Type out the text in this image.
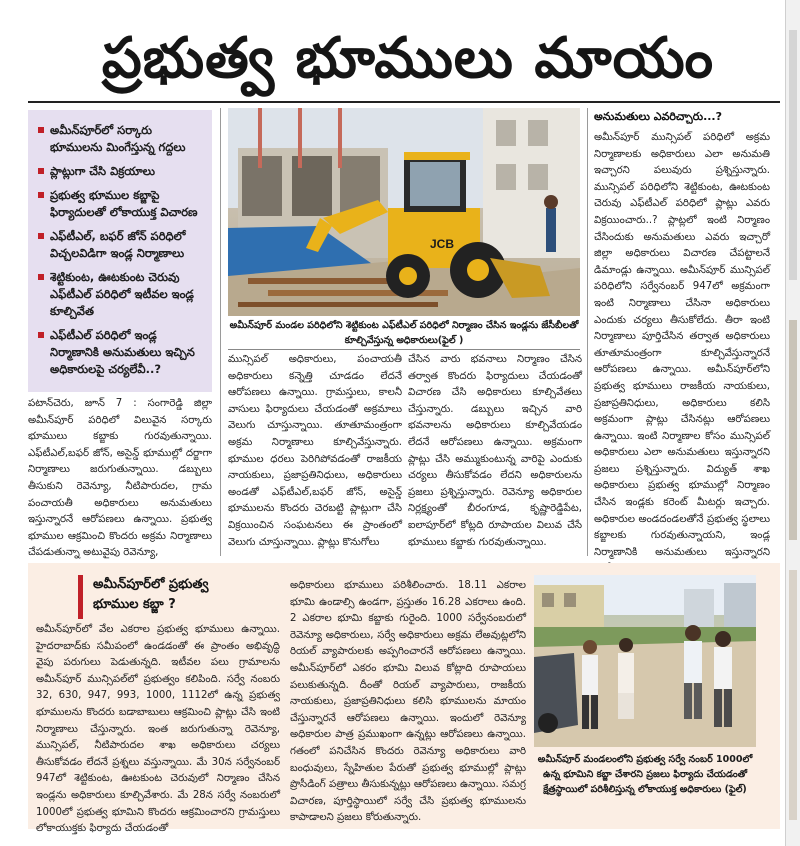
ప్రభుత్వ భూములు మాయం
అమీన్‌పూర్‌లో సర్కారు భూములను మింగేస్తున్న గద్దలు
ప్లాట్లుగా చేసి విక్రయాలు
ప్రభుత్వ భూముల కబ్జాపై ఫిర్యాదులతో లోకాయుక్త విచారణ
ఎఫ్‌టీఎల్‌, బఫర్‌ జోన్‌ పరిధిలో విచ్చలవిడిగా ఇండ్ల నిర్మాణాలు
శెట్టికుంట, ఊటకుంట చెరువు ఎఫ్‌టీఎల్‌ పరిధిలో ఇటీవల ఇండ్ల కూల్చివేత
ఎఫ్‌టీఎల్‌ పరిధిలో ఇండ్ల నిర్మాణానికి అనుమతులు ఇచ్చిన అధికారులపై చర్యలేవీ..?
JCB
అమీన్‌పూర్‌ మండల పరిధిలోని శెట్టికుంట ఎఫ్‌టీఎల్‌ పరిధిలో నిర్మాణం చేసిన ఇండ్లను జేసీబీలతో కూల్చివేస్తున్న అధికారులు(ఫైల్‌ )
పటాన్‌చెరు, జూన్‌ 7 : సంగారెడ్డి జిల్లా అమీన్‌పూర్‌ పరిధిలో విలువైన సర్కారు భూములు కబ్జాకు గురవుతున్నాయి. ఎఫ్‌టీఎల్‌,బఫర్‌ జోన్‌, అసైన్డ్‌ భూముల్లో దర్జాగా నిర్మాణాలు జరుగుతున్నాయి. డబ్బులు తీసుకుని రెవెన్యూ, నీటిపారుదల, గ్రామ పంచాయతీ అధికారులు అనుమతులు ఇస్తున్నారనే ఆరోపణలు ఉన్నాయి. ప్రభుత్వ భూముల ఆక్రమించి కొందరు అక్రమ నిర్మాణాలు చేపడుతున్నా అటువైపు రెవెన్యూ,
మున్సిపల్‌ అధికారులు, పంచాయతీ అధికారులు కన్నెత్తి చూడడం లేదనే ఆరోపణలు ఉన్నాయి. గ్రామస్తులు, కాలనీ వాసులు ఫిర్యాదులు చేయడంతో అక్రమాలు వెలుగు చూస్తున్నాయి. తూతూమంత్రంగా అక్రమ నిర్మాణాలు కూల్చివేస్తున్నారు. భూముల ధరలు పెరిగిపోవడంతో రాజకీయ నాయకులు, ప్రజాప్రతినిధులు, అధికారులు అండతో ఎఫ్‌టీఎల్‌,బఫర్‌ జోన్‌, అసైన్డ్‌ భూములను కొందరు చెరబట్టి ప్లాట్లుగా చేసి విక్రయించిన సంఘటనలు ఈ ప్రాంతంలో వెలుగు చూస్తున్నాయి. ప్లాట్లు కొనుగోలు
చేసిన వారు భవనాలు నిర్మాణం చేసిన తర్వాత కొందరు ఫిర్యాదులు చేయడంతో విచారణ చేసి అధికారులు కూల్చివేతలు చేస్తున్నారు. డబ్బులు ఇచ్చిన వారి భవనాలను అధికారులు కూల్చివేయడం లేదనే ఆరోపణలు ఉన్నాయి. అక్రమంగా ప్లాట్లు చేసి అమ్ముకుంటున్న వారిపై ఎందుకు చర్యలు తీసుకోవడం లేదని అధికారులను ప్రజలు ప్రశ్నిస్తున్నారు. రెవెన్యూ అధికారుల నిర్లక్ష్యంతో బీరంగూడ, కృష్ణారెడ్డిపేట, ఐలాపూర్‌లో కోట్లది రూపాయల విలువ చేసే భూములు కబ్జాకు గురవుతున్నాయి.
అనుమతులు ఎవరిచ్చారు...?
అమీన్‌పూర్‌ మున్సిపల్‌ పరిధిలో అక్రమ నిర్మాణాలకు అధికారులు ఎలా అనుమతి ఇచ్చారని పలువురు ప్రశ్నిస్తున్నారు. మున్సిపల్‌ పరిధిలోని శెట్టికుంట, ఊటకుంట చెరువు ఎఫ్‌టీఎల్‌ పరిధిలో ప్లాట్లు ఎవరు విక్రయించారు..? ప్లాట్లలో ఇంటి నిర్మాణం చేసిందుకు అనుమతులు ఎవరు ఇచ్చారో జిల్లా అధికారులు విచారణ చేపట్టాలనే డిమాండ్లు ఉన్నాయి. అమీన్‌పూర్‌ మున్సిపల్‌ పరిధిలోని సర్వేనంబర్‌ 947లో అక్రమంగా ఇంటి నిర్మాణాలు చేసినా అధికారులు ఎందుకు చర్యలు తీసుకోలేదు. తీరా ఇంటి నిర్మాణాలు పూర్తిచేసిన తర్వాత అధికారులు తూతూమంత్రంగా కూల్చివేస్తున్నారనే ఆరోపణలు ఉన్నాయి. అమీన్‌పూర్‌లోని ప్రభుత్వ భూములు రాజకీయ నాయకులు, ప్రజాప్రతినిధులు, అధికారులు కలిసి అక్రమంగా ప్లాట్లు చేసినట్లు ఆరోపణలు ఉన్నాయి. ఇంటి నిర్మాణాల కోసం మున్సిపల్‌ అధికారులు ఎలా అనుమతులు ఇస్తున్నారని ప్రజలు ప్రశ్నిస్తున్నారు. విద్యుత్‌ శాఖ అధికారులు ప్రభుత్వ భూముల్లో నిర్మాణం చేసిన ఇండ్లకు కరెంట్‌ మీటర్లు ఇచ్చారు. అధికారుల అండదండలతోనే ప్రభుత్వ స్థలాలు కబ్జాలకు గురవుతున్నాయని, ఇండ్ల నిర్మాణానికి అనుమతులు ఇస్తున్నారని
అమీన్‌పూర్‌లో ప్రభుత్వ భూముల కబ్జా ?
అమీన్‌పూర్‌లో వేల ఎకరాల ప్రభుత్వ భూములు ఉన్నాయి. హైదరాబాద్‌కు సమీపంలో ఉండడంతో ఈ ప్రాంతం అభివృద్ధి వైపు పరుగులు పెడుతున్నది. ఇటీవల పలు గ్రామాలను అమీన్‌పూర్‌ మున్సిపల్‌లో ప్రభుత్వం కలిపింది. సర్వే నంబరు 32, 630, 947, 993, 1000, 1112లో ఉన్న ప్రభుత్వ భూములను కొందరు బడాబాబులు ఆక్రమించి ప్లాట్లు చేసి ఇంటి నిర్మాణాలు చేస్తున్నారు. ఇంత జరుగుతున్నా రెవెన్యూ, మున్సిపల్‌, నీటిపారుదల శాఖ అధికారులు చర్యలు తీసుకోవడం లేదనే ప్రశ్నలు వస్తున్నాయి. మే 30న సర్వేనంబర్‌ 947లో శెట్టికుంట, ఊటకుంట చెరువులో నిర్మాణం చేసిన ఇండ్లను అధికారులు కూల్చివేశారు. మే 28న సర్వే నంబరులో 1000లో ప్రభుత్వ భూమిని కొందరు ఆక్రమించారని గ్రామస్తులు లోకాయుక్తకు ఫిర్యాదు చేయడంతో
అధికారులు భూములు పరిశీలించారు. 18.11 ఎకరాల భూమి ఉండాల్సి ఉండగా, ప్రస్తుతం 16.28 ఎకరాలు ఉంది. 2 ఎకరాల భూమి కబ్జాకు గురైంది. 1000 సర్వేనంబరులో రెవెన్యూ అధికారులు, సర్వే అధికారులు అక్రమ లేఅవుట్లలోని రియల్‌ వ్యాపారులకు అప్పగించారనే ఆరోపణలు ఉన్నాయి. అమీన్‌పూర్‌లో ఎకరం భూమి విలువ కోట్లాది రూపాయలు పలుకుతున్నది. దీంతో రియల్‌ వ్యాపారులు, రాజకీయ నాయకులు, ప్రజాప్రతినిధులు కలిసి భూములను మాయం చేస్తున్నారనే ఆరోపణలు ఉన్నాయి. ఇందులో రెవెన్యూ అధికారుల పాత్ర ప్రముఖంగా ఉన్నట్లు ఆరోపణలు ఉన్నాయి. గతంలో పనిచేసిన కొందరు రెవెన్యూ అధికారులు వారి బంధువులు, స్నేహితుల పేరుతో ప్రభుత్వ భూముల్లో ప్లాట్లు ప్రొసీడింగ్‌ పత్రాలు తీసుకున్నట్లు ఆరోపణలు ఉన్నాయి. సమగ్ర విచారణ, పూర్తిస్థాయిలో సర్వే చేసి ప్రభుత్వ భూములను కాపాడాలని ప్రజలు కోరుతున్నారు.
అమీన్‌పూర్‌ మండలంలోని ప్రభుత్వ సర్వే నంబర్‌ 1000లో ఉన్న భూమిని కబ్జా చేశారని ప్రజలు ఫిర్యాదు చేయడంతో క్షేత్రస్థాయిలో పరిశీలిస్తున్న లోకాయుక్త అధికారులు (ఫైల్‌)
